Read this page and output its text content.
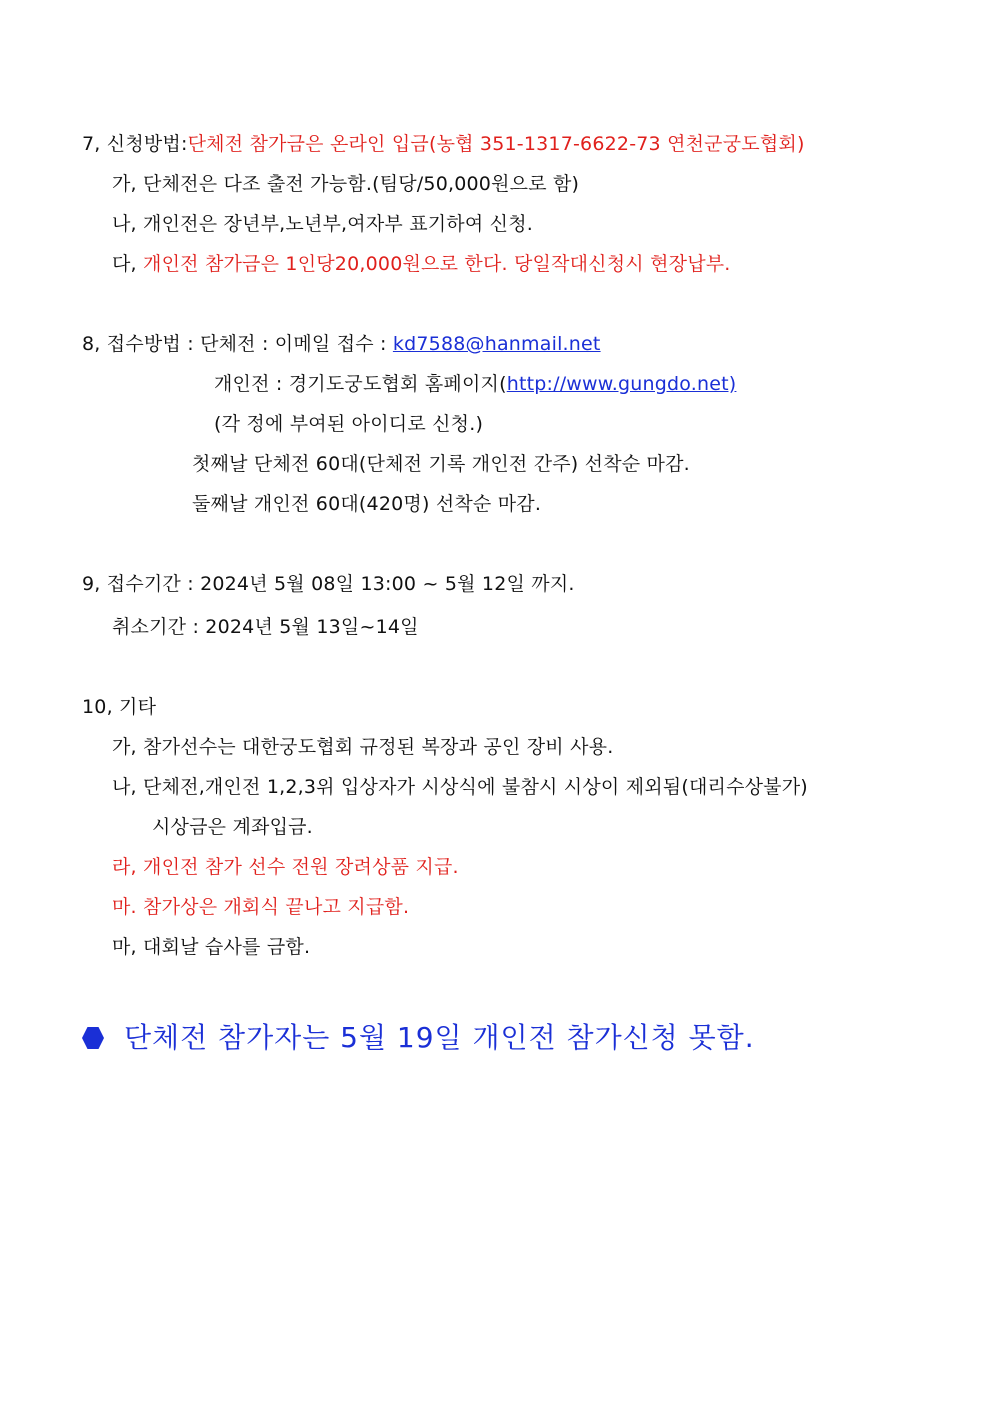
7, 신청방법:단체전 참가금은 온라인 입금(농협 351-1317-6622-73 연천군궁도협회)
가, 단체전은 다조 출전 가능함.(팀당/50,000원으로 함)
나, 개인전은 장년부,노년부,여자부 표기하여 신청.
다, 개인전 참가금은 1인당20,000원으로 한다. 당일작대신청시 현장납부.
8, 접수방법 : 단체전 : 이메일 접수 : kd7588@hanmail.net
개인전 : 경기도궁도협회 홈페이지(http://www.gungdo.net)
(각 정에 부여된 아이디로 신청.)
첫째날 단체전 60대(단체전 기록 개인전 간주) 선착순 마감.
둘째날 개인전 60대(420명) 선착순 마감.
9, 접수기간 : 2024년 5월 08일 13:00 ~ 5월 12일 까지.
취소기간 : 2024년 5월 13일~14일
10, 기타
가, 참가선수는 대한궁도협회 규정된 복장과 공인 장비 사용.
나, 단체전,개인전 1,2,3위 입상자가 시상식에 불참시 시상이 제외됨(대리수상불가)
시상금은 계좌입금.
라, 개인전 참가 선수 전원 장려상품 지급.
마. 참가상은 개회식 끝나고 지급함.
마, 대회날 습사를 금함.
단체전 참가자는 5월 19일 개인전 참가신청 못함.
